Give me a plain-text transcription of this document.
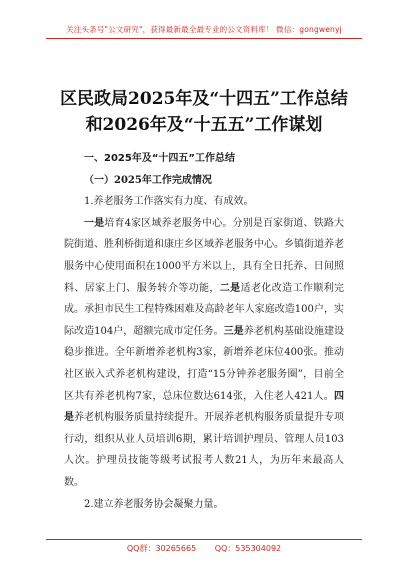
关注头条号"公文研究"，获得最新最全最专业的公文资料库！ 微信：gongwenyj
区民政局2025年及“十四五”工作总结
和2026年及“十五五”工作谋划

一、2025年及“十四五”工作总结

（一）2025年工作完成情况

1.养老服务工作落实有力度、有成效。

一是培育4家区域养老服务中心。分别是百家街道、铁路大院街道、胜利桥街道和康庄乡区域养老服务中心。乡镇街道养老服务中心使用面积在1000平方米以上，具有全日托养、日间照料、居家上门、服务转介等功能，二是适老化改造工作顺利完成。承担市民生工程特殊困难及高龄老年人家庭改造100户，实际改造104户，超额完成市定任务。三是养老机构基础设施建设稳步推进。全年新增养老机构3家，新增养老床位400张。推动社区嵌入式养老机构建设，打造“15分钟养老服务圈”，目前全区共有养老机构7家，总床位数达614张，入住老人421人。四是养老机构服务质量持续提升。开展养老机构服务质量提升专项行动，组织从业人员培训6期，累计培训护理员、管理人员103人次。护理员技能等级考试报考人数21人，为历年来最高人数。

2.建立养老服务协会凝聚力量。

QQ群：30265665 QQ：535304092
